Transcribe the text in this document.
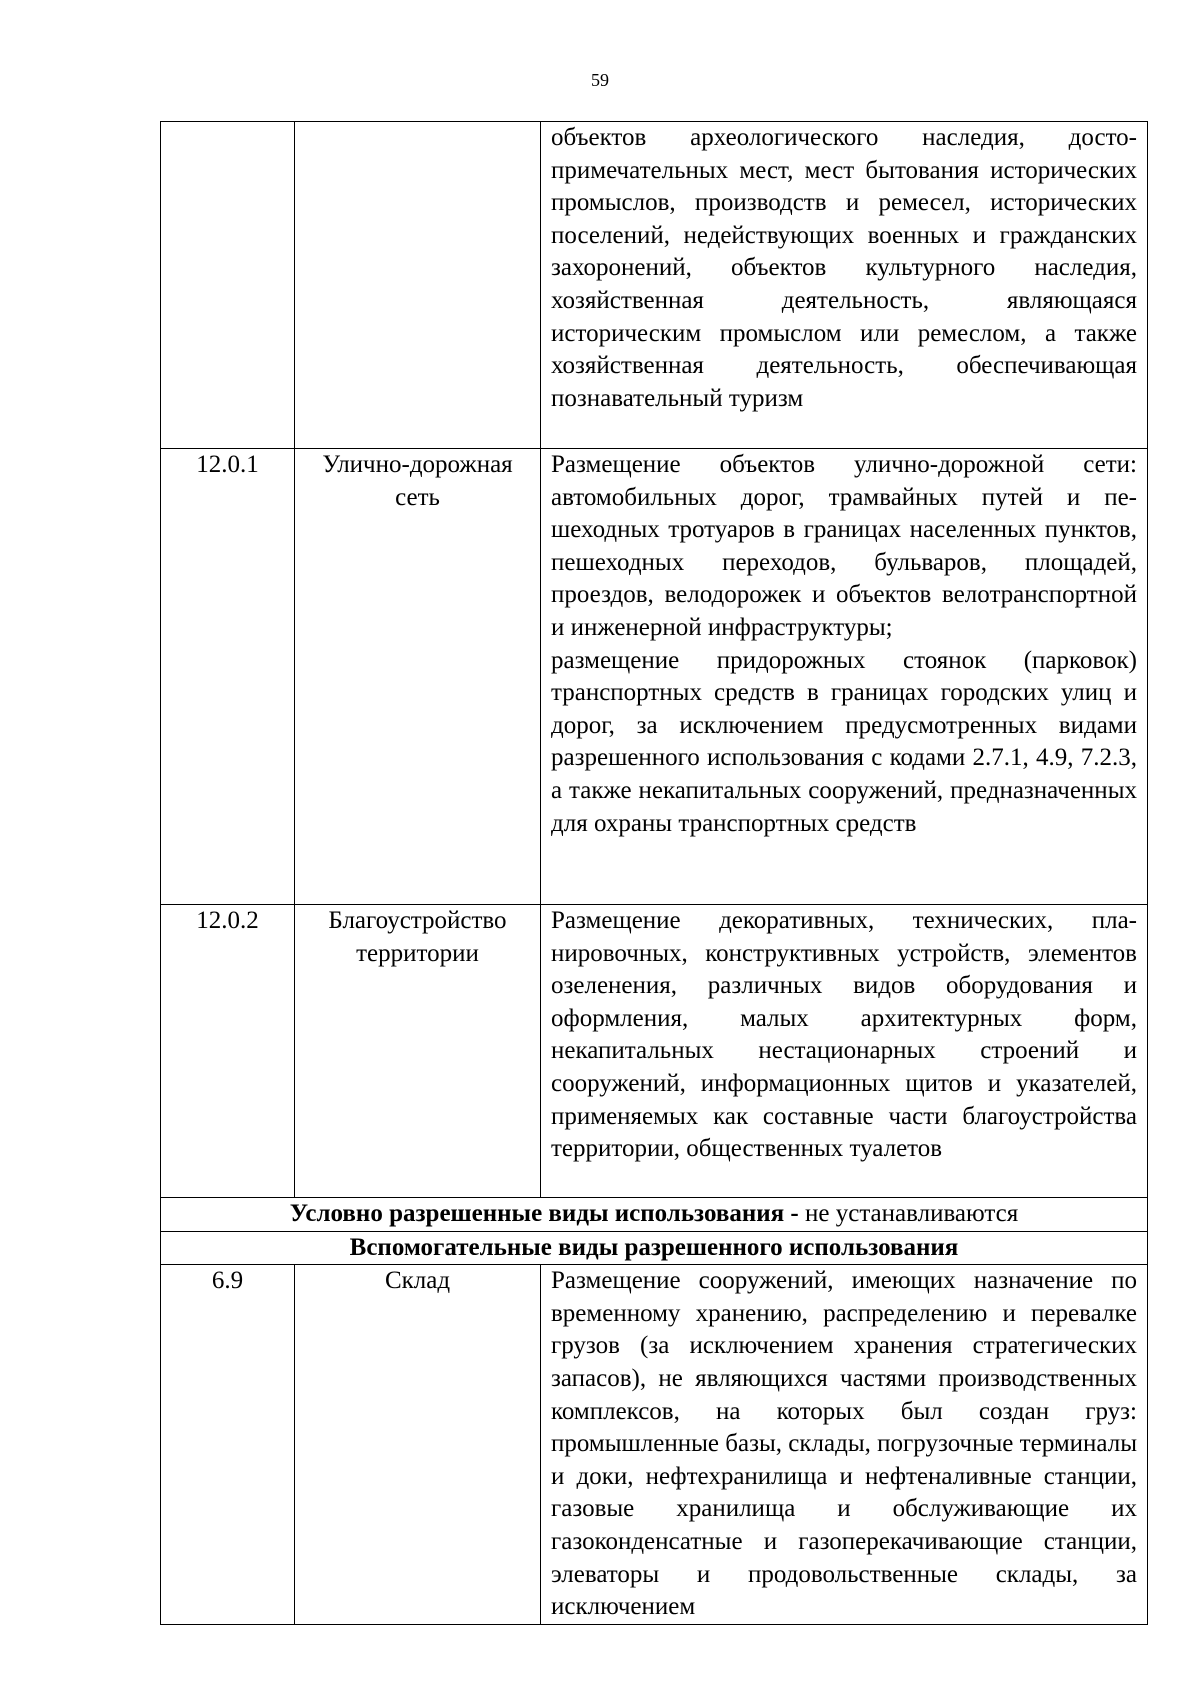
59

		объектов археологического наследия, достопримечательных мест, мест бытования исторических промыслов, производств и ремесел, исторических поселений, недействующих военных и гражданских захоронений, объектов культурного наследия, хозяйственная деятельность, являющаяся историческим промыслом или ремеслом, а также хозяйственная деятельность, обеспечивающая познавательный туризм

12.0.1	Улично-дорожная сеть	Размещение объектов улично-дорожной сети: автомобильных дорог, трамвайных путей и пешеходных тротуаров в границах населенных пунктов, пешеходных переходов, бульваров, площадей, проездов, велодорожек и объектов велотранспортной и инженерной инфраструктуры;
размещение придорожных стоянок (парковок) транспортных средств в границах городских улиц и дорог, за исключением предусмотренных видами разрешенного использования с кодами 2.7.1, 4.9, 7.2.3, а также некапитальных сооружений, предназначенных для охраны транспортных средств

12.0.2	Благоустройство территории	Размещение декоративных, технических, планировочных, конструктивных устройств, элементов озеленения, различных видов оборудования и оформления, малых архитектурных форм, некапитальных нестационарных строений и сооружений, информационных щитов и указателей, применяемых как составные части благоустройства территории, общественных туалетов

Условно разрешенные виды использования - не устанавливаются		
Вспомогательные виды разрешенного использования		
6.9	Склад	Размещение сооружений, имеющих назначение по временному хранению, распределению и перевалке грузов (за исключением хранения стратегических запасов), не являющихся частями производственных комплексов, на которых был создан груз: промышленные базы, склады, погрузочные терминалы и доки, нефтехранилища и нефтеналивные станции, газовые хранилища и обслуживающие их газоконденсатные и газоперекачивающие станции, элеваторы и продовольственные склады, за исключением
